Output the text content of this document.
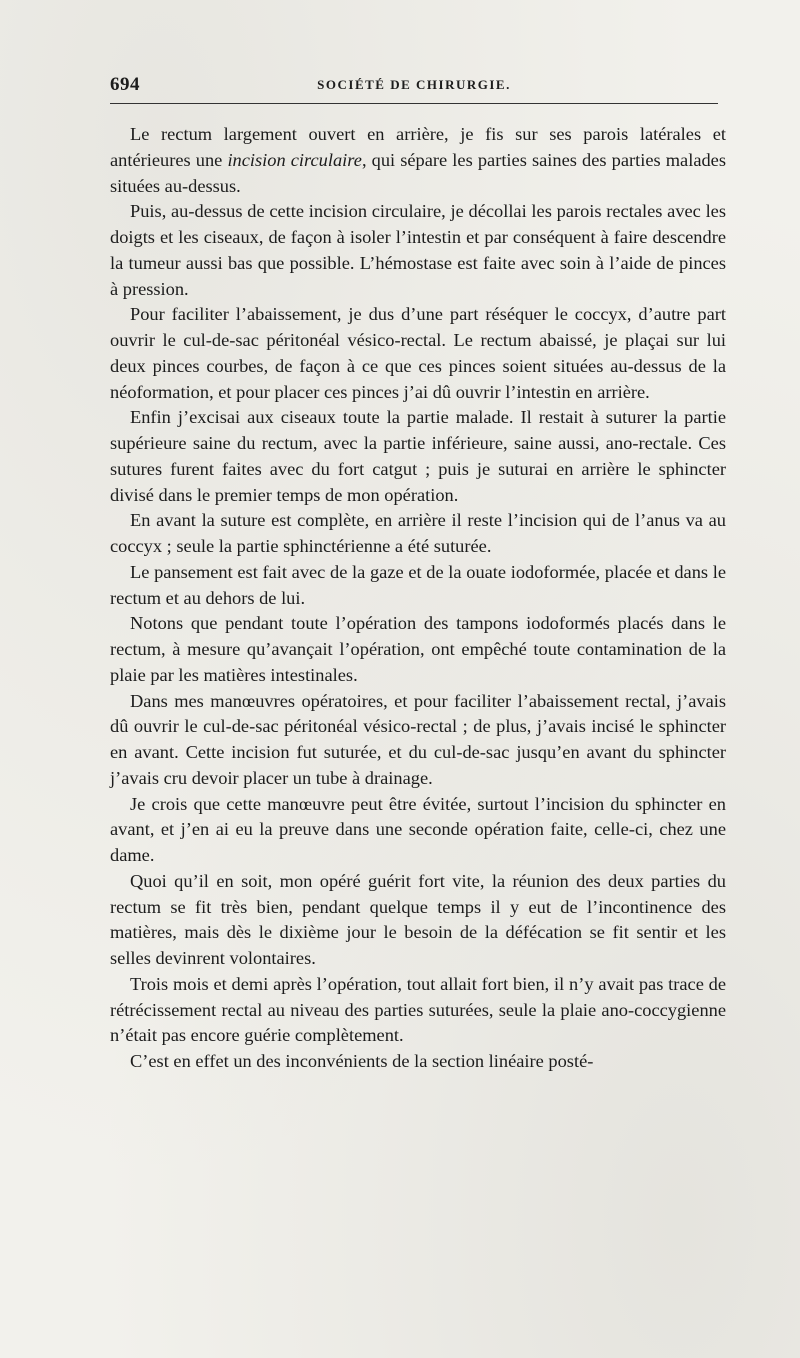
694	SOCIÉTÉ DE CHIRURGIE.

Le rectum largement ouvert en arrière, je fis sur ses parois latérales et antérieures une incision circulaire, qui sépare les parties saines des parties malades situées au-dessus.

Puis, au-dessus de cette incision circulaire, je décollai les parois rectales avec les doigts et les ciseaux, de façon à isoler l’intestin et par conséquent à faire descendre la tumeur aussi bas que possible. L’hémostase est faite avec soin à l’aide de pinces à pression.

Pour faciliter l’abaissement, je dus d’une part réséquer le coccyx, d’autre part ouvrir le cul-de-sac péritonéal vésico-rectal. Le rectum abaissé, je plaçai sur lui deux pinces courbes, de façon à ce que ces pinces soient situées au-dessus de la néoformation, et pour placer ces pinces j’ai dû ouvrir l’intestin en arrière.

Enfin j’excisai aux ciseaux toute la partie malade. Il restait à suturer la partie supérieure saine du rectum, avec la partie inférieure, saine aussi, ano-rectale. Ces sutures furent faites avec du fort catgut ; puis je suturai en arrière le sphincter divisé dans le premier temps de mon opération.

En avant la suture est complète, en arrière il reste l’incision qui de l’anus va au coccyx ; seule la partie sphinctérienne a été suturée.

Le pansement est fait avec de la gaze et de la ouate iodoformée, placée et dans le rectum et au dehors de lui.

Notons que pendant toute l’opération des tampons iodoformés placés dans le rectum, à mesure qu’avançait l’opération, ont empêché toute contamination de la plaie par les matières intestinales.

Dans mes manœuvres opératoires, et pour faciliter l’abaissement rectal, j’avais dû ouvrir le cul-de-sac péritonéal vésico-rectal ; de plus, j’avais incisé le sphincter en avant. Cette incision fut suturée, et du cul-de-sac jusqu’en avant du sphincter j’avais cru devoir placer un tube à drainage.

Je crois que cette manœuvre peut être évitée, surtout l’incision du sphincter en avant, et j’en ai eu la preuve dans une seconde opération faite, celle-ci, chez une dame.

Quoi qu’il en soit, mon opéré guérit fort vite, la réunion des deux parties du rectum se fit très bien, pendant quelque temps il y eut de l’incontinence des matières, mais dès le dixième jour le besoin de la défécation se fit sentir et les selles devinrent volontaires.

Trois mois et demi après l’opération, tout allait fort bien, il n’y avait pas trace de rétrécissement rectal au niveau des parties suturées, seule la plaie ano-coccygienne n’était pas encore guérie complètement.

C’est en effet un des inconvénients de la section linéaire posté-
